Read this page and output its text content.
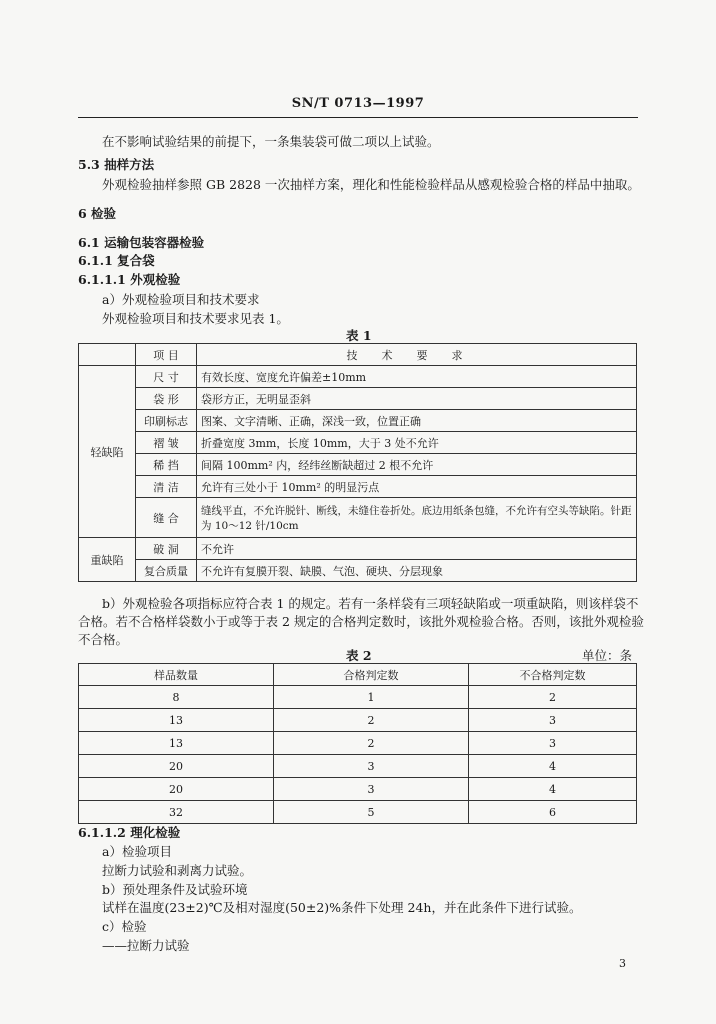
SN/T 0713—1997
在不影响试验结果的前提下，一条集装袋可做二项以上试验。
5.3 抽样方法
外观检验抽样参照 GB 2828 一次抽样方案，理化和性能检验样品从感观检验合格的样品中抽取。
6 检验
6.1 运输包装容器检验
6.1.1 复合袋
6.1.1.1 外观检验
a）外观检验项目和技术要求
外观检验项目和技术要求见表 1。
表 1
	项 目	技术要求
轻缺陷	尺 寸	有效长度、宽度允许偏差±10mm
	袋 形	袋形方正，无明显歪斜
	印刷标志	图案、文字清晰、正确，深浅一致，位置正确
	褶 皱	折叠宽度 3mm，长度 10mm，大于 3 处不允许
	稀 挡	间隔 100mm² 内，经纬丝断缺超过 2 根不允许
	清 洁	允许有三处小于 10mm² 的明显污点
	缝 合	缝线平直，不允许脱针、断线，未缝住卷折处。底边用纸条包缝，不允许有空头等缺陷。针距
为 10～12 针/10cm

重缺陷	破 洞	不允许
	复合质量	不允许有复膜开裂、缺膜、气泡、硬块、分层现象
b）外观检验各项指标应符合表 1 的规定。若有一条样袋有三项轻缺陷或一项重缺陷，则该样袋不
合格。若不合格样袋数小于或等于表 2 规定的合格判定数时，该批外观检验合格。否则，该批外观检验
不合格。
表 2	单位：条
样品数量	合格判定数	不合格判定数
8	1	2
13	2	3
13	2	3
20	3	4
20	3	4
32	5	6
6.1.1.2 理化检验
a）检验项目
拉断力试验和剥离力试验。
b）预处理条件及试验环境
试样在温度(23±2)℃及相对湿度(50±2)%条件下处理 24h，并在此条件下进行试验。
c）检验
——拉断力试验
3
